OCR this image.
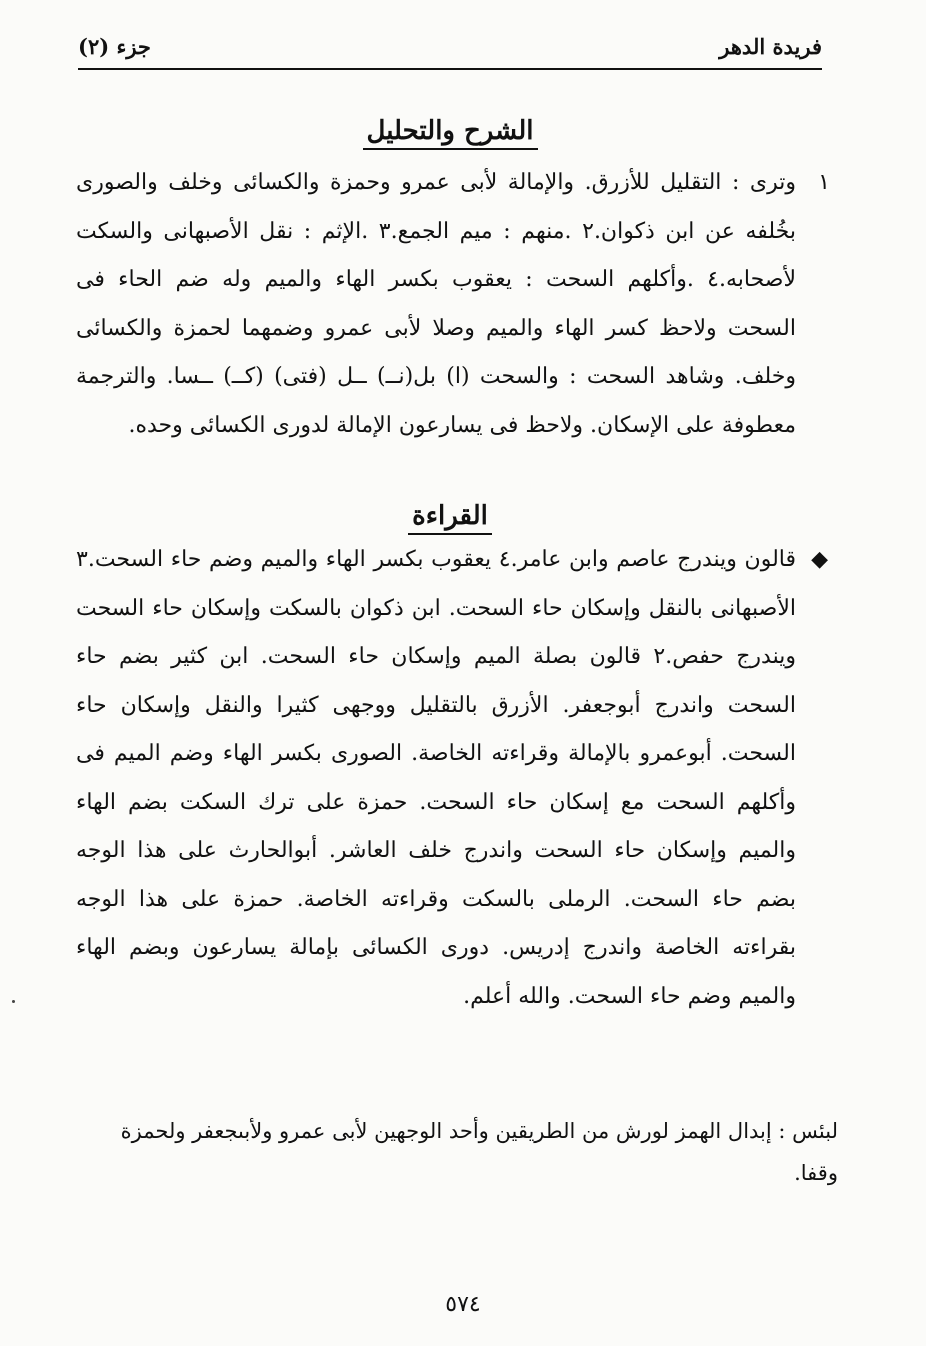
فريدة الدهر
جزء (٢)
الشرح والتحليل
١
وترى : التقليل للأزرق. والإمالة لأبى عمرو وحمزة والكسائى وخلف والصورى بخُلفه عن ابن ذكوان.٢ .منهم : ميم الجمع.٣ .الإثم : نقل الأصبهانى والسكت لأصحابه.٤ .وأكلهم السحت : يعقوب بكسر الهاء والميم وله ضم الحاء فى السحت ولاحظ كسر الهاء والميم وصلا لأبى عمرو وضمهما لحمزة والكسائى وخلف. وشاهد السحت : والسحت (ا) بل(نــ) ــل (فتى) (كــ) ــسا. والترجمة معطوفة على الإسكان. ولاحظ فى يسارعون الإمالة لدورى الكسائى وحده.
القراءة
◆
قالون ويندرج عاصم وابن عامر.٤ يعقوب بكسر الهاء والميم وضم حاء السحت.٣ الأصبهانى بالنقل وإسكان حاء السحت. ابن ذكوان بالسكت وإسكان حاء السحت ويندرج حفص.٢ قالون بصلة الميم وإسكان حاء السحت. ابن كثير بضم حاء السحت واندرج أبوجعفر. الأزرق بالتقليل ووجهى كثيرا والنقل وإسكان حاء السحت. أبوعمرو بالإمالة وقراءته الخاصة. الصورى بكسر الهاء وضم الميم فى وأكلهم السحت مع إسكان حاء السحت. حمزة على ترك السكت بضم الهاء والميم وإسكان حاء السحت واندرج خلف العاشر. أبوالحارث على هذا الوجه بضم حاء السحت. الرملى بالسكت وقراءته الخاصة. حمزة على هذا الوجه بقراءته الخاصة واندرج إدريس. دورى الكسائى بإمالة يسارعون وبضم الهاء والميم وضم حاء السحت. والله أعلم.
لبئس : إبدال الهمز لورش من الطريقين وأحد الوجهين لأبى عمرو ولأبىجعفر ولحمزة وقفا.
٥٧٤
